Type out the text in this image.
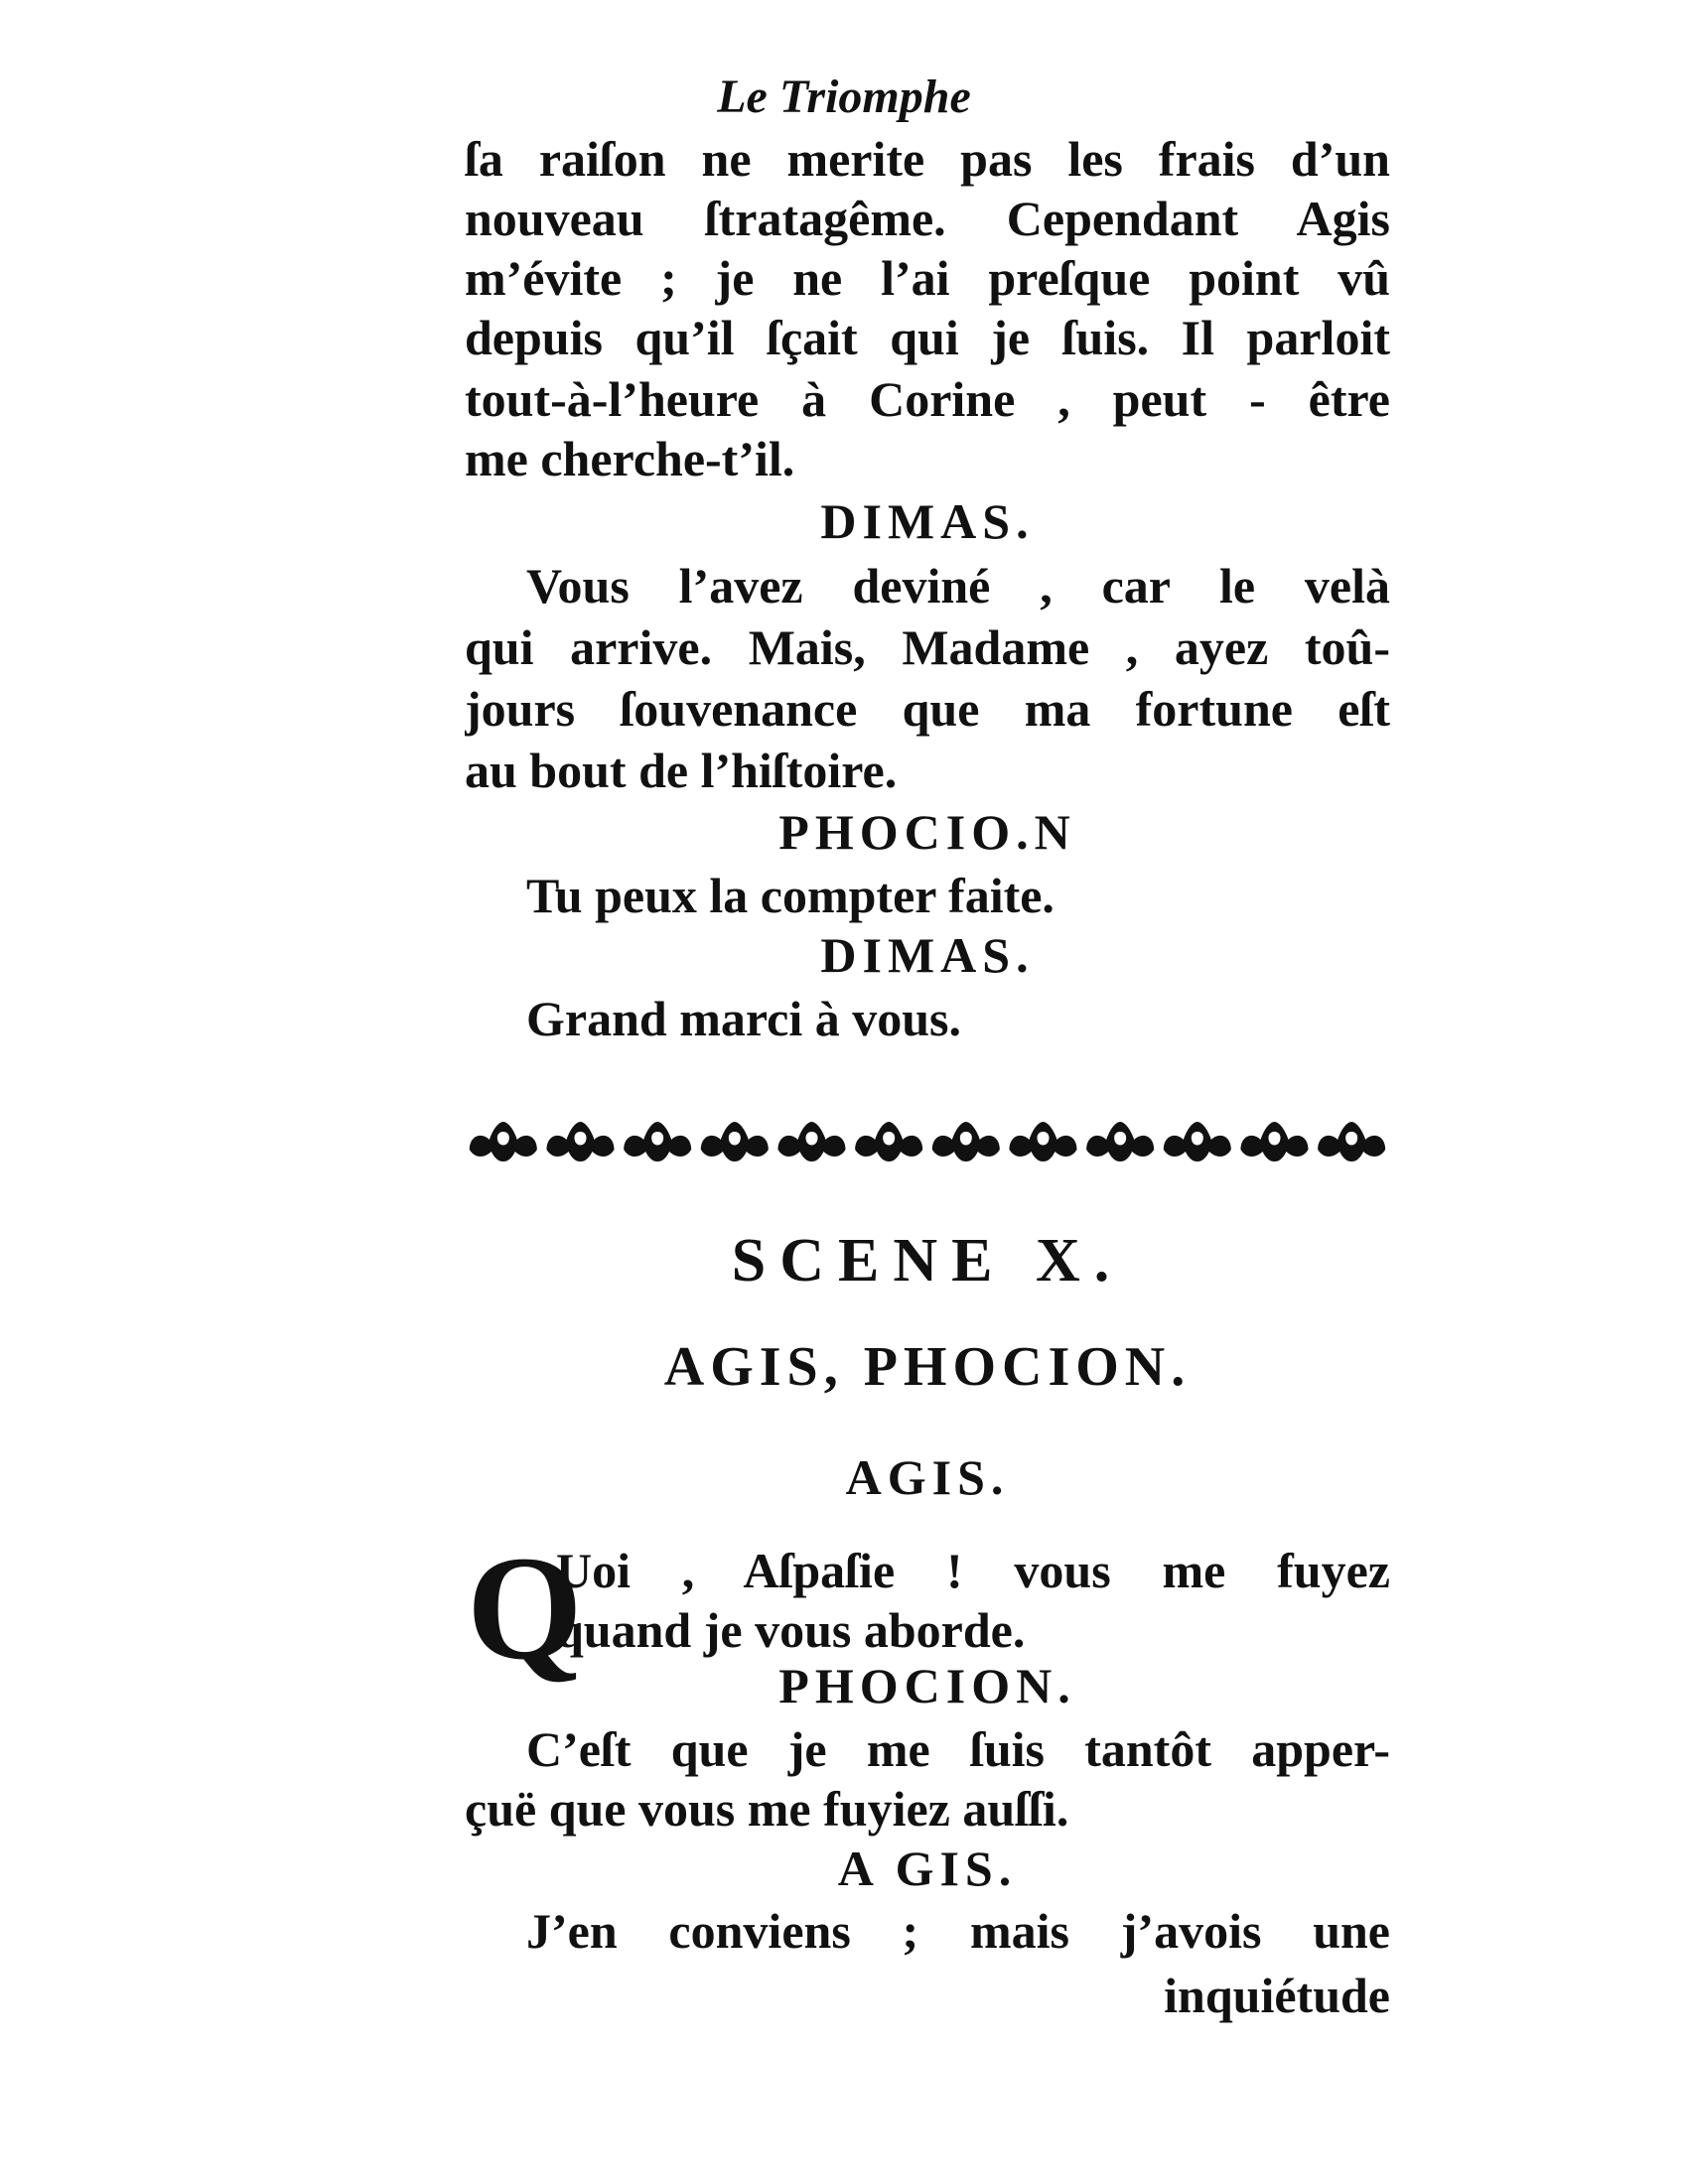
Le Triomphe
ſa raiſon ne merite pas les frais d’un
nouveau ſtratagême. Cependant Agis
m’évite ; je ne l’ai preſque point vû
depuis qu’il ſçait qui je ſuis. Il parloit
tout-à-l’heure à Corine , peut - être
me cherche-t’il.
DIMAS.
Vous l’avez deviné , car le velà
qui arrive. Mais, Madame , ayez toû-
jours ſouvenance que ma fortune eſt
au bout de l’hiſtoire.
PHOCIO.N
Tu peux la compter faite.
DIMAS.
Grand marci à vous.
SCENE X.
AGIS, PHOCION.
AGIS.
Q
Uoi , Aſpaſie ! vous me fuyez
quand je vous aborde.
PHOCION.
C’eſt que je me ſuis tantôt apper-
çuë que vous me fuyiez auſſi.
A GIS.
J’en conviens ; mais j’avois une
inquiétude
